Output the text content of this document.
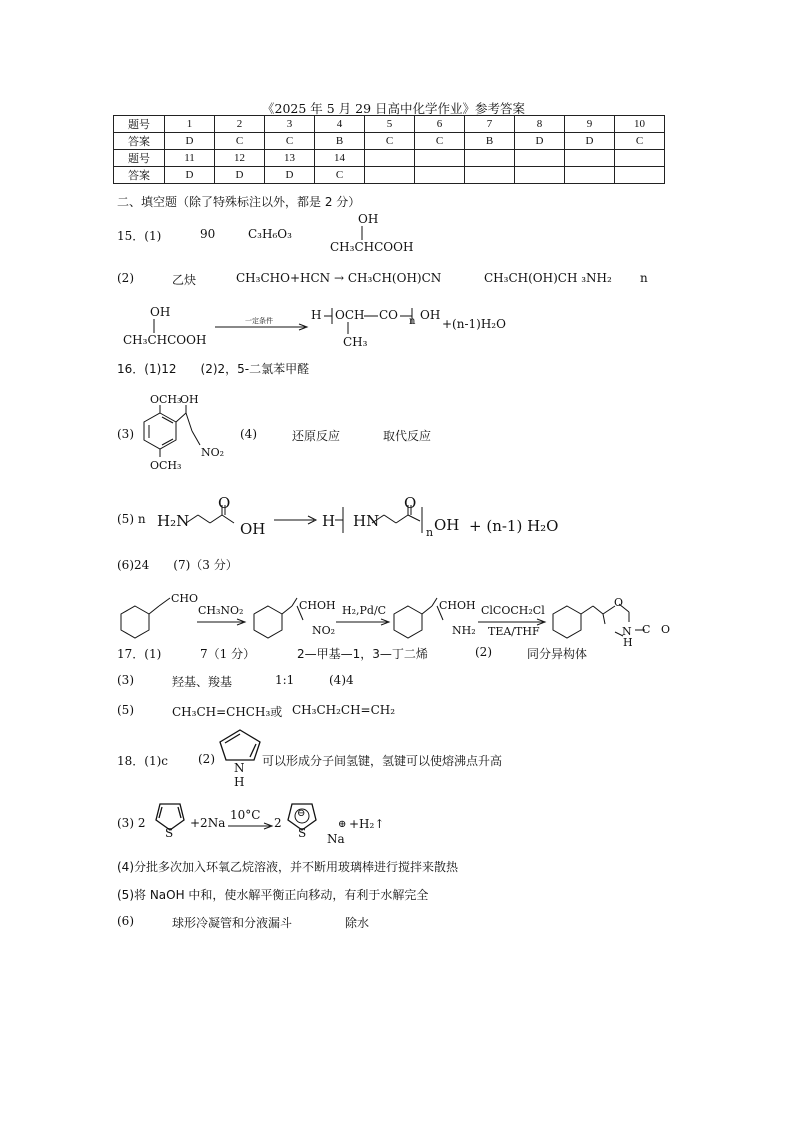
《2025 年 5 月 29 日高中化学作业》参考答案
题号	1	2	3	4	5	6	7	8	9	10
答案	D	C	C	B	C	C	B	D	D	C
题号	11	12	13	14						
答案	D	D	D	C						
二、填空题（除了特殊标注以外，都是 2 分）
15．(1)	90	C₃H₆O₃
OH
CH₃CHCOOH
(2)	乙炔	CH₃CHO+HCN → CH₃CH(OH)CN	CH₃CH(OH)CH ₃NH₂ n
OH
CH₃CHCOOH
一定条件	H OCH CO n OH
CH₃
+(n-1)H₂O
16．(1)12　　(2)2，5-二氯苯甲醛
(3)
OCH₃
OH
NO₂
OCH₃
(4)	还原反应	取代反应
(5) n H₂N
O
OH	H HN
O
n OH + (n-1) H₂O
(6)24　　(7)（3 分）
CHO
CH₃NO₂	CHOH
NO₂
H₂,Pd/C	CHOH
NH₂
ClCOCH₂Cl
TEA/THF
O
N
H
C O
17．(1)	7（1 分）	2—甲基—1，3—丁二烯	(2)	同分异构体
(3)	羟基、羧基	1:1	(4)4
(5)	CH₃CH=CHCH₃或 CH₃CH₂CH=CH₂
18．(1)c	(2)
N
H
可以形成分子间氢键，氢键可以使熔沸点升高
(3) 2
S
+2Na
10°C
2
⊖
S Na
⊕ +H₂↑
(4)分批多次加入环氧乙烷溶液，并不断用玻璃棒进行搅拌来散热
(5)将 NaOH 中和，使水解平衡正向移动，有利于水解完全
(6)	球形冷凝管和分液漏斗	除水
